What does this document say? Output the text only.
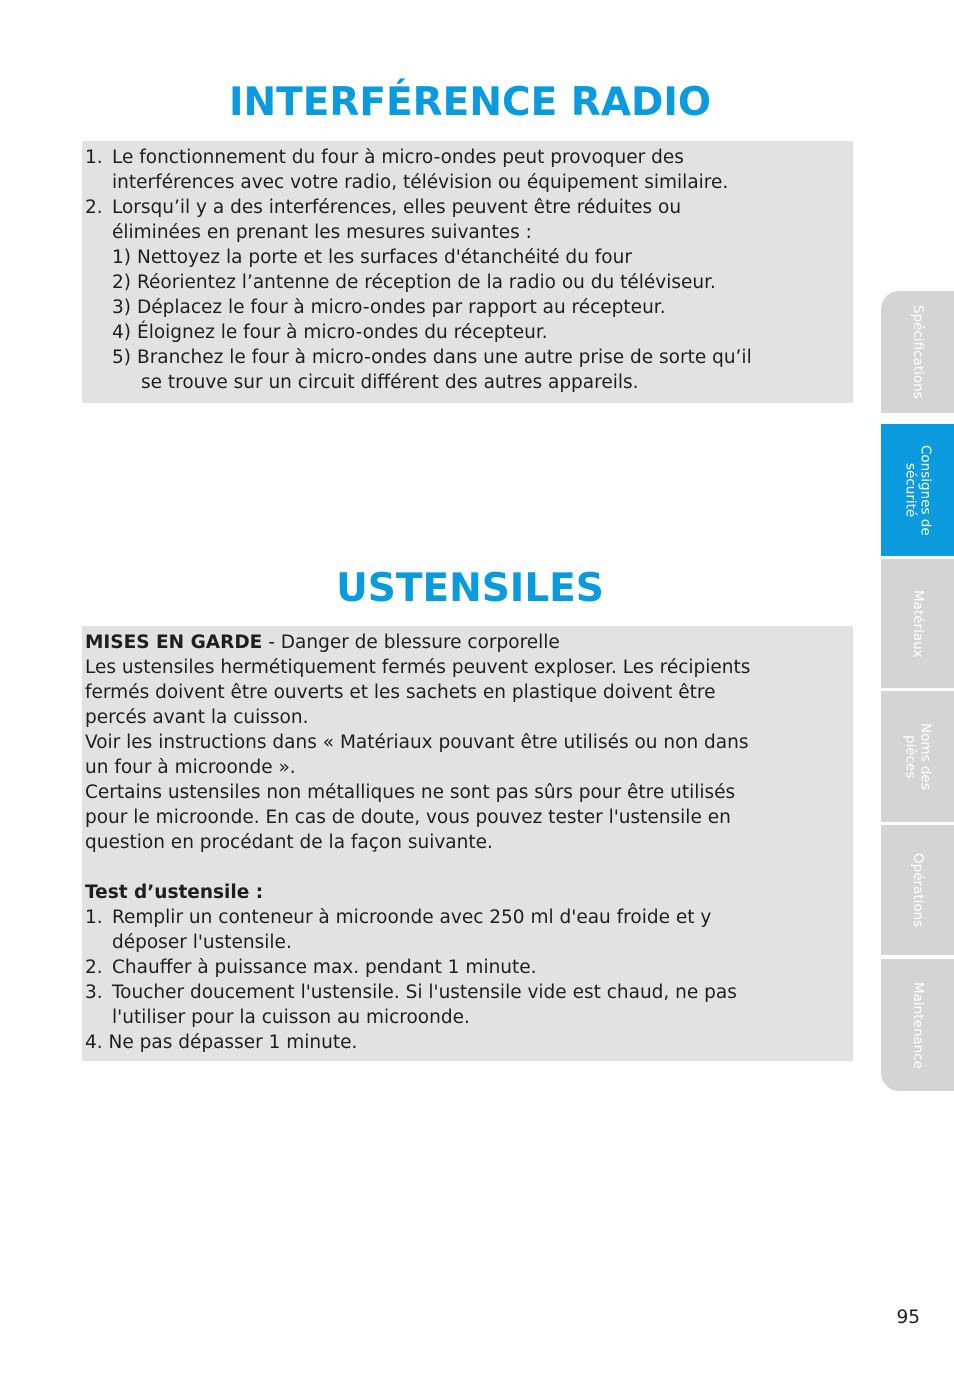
INTERFÉRENCE RADIO
1. Le fonctionnement du four à micro-ondes peut provoquer des
interférences avec votre radio, télévision ou équipement similaire.
2. Lorsqu’il y a des interférences, elles peuvent être réduites ou
éliminées en prenant les mesures suivantes :
1) Nettoyez la porte et les surfaces d'étanchéité du four
2) Réorientez l’antenne de réception de la radio ou du téléviseur.
3) Déplacez le four à micro-ondes par rapport au récepteur.
4) Éloignez le four à micro-ondes du récepteur.
5) Branchez le four à micro-ondes dans une autre prise de sorte qu’il
se trouve sur un circuit différent des autres appareils.
USTENSILES
MISES EN GARDE - Danger de blessure corporelle
Les ustensiles hermétiquement fermés peuvent exploser. Les récipients
fermés doivent être ouverts et les sachets en plastique doivent être
percés avant la cuisson.
Voir les instructions dans « Matériaux pouvant être utilisés ou non dans
un four à microonde ».
Certains ustensiles non métalliques ne sont pas sûrs pour être utilisés
pour le microonde. En cas de doute, vous pouvez tester l'ustensile en
question en procédant de la façon suivante.
Test d’ustensile :
1. Remplir un conteneur à microonde avec 250 ml d'eau froide et y
déposer l'ustensile.
2. Chauffer à puissance max. pendant 1 minute.
3. Toucher doucement l'ustensile. Si l'ustensile vide est chaud, ne pas
l'utiliser pour la cuisson au microonde.
4. Ne pas dépasser 1 minute.
Spécifications
Consignes de
sécurité
Matériaux
Noms des
pièces
Opérations
Maintenance
95
